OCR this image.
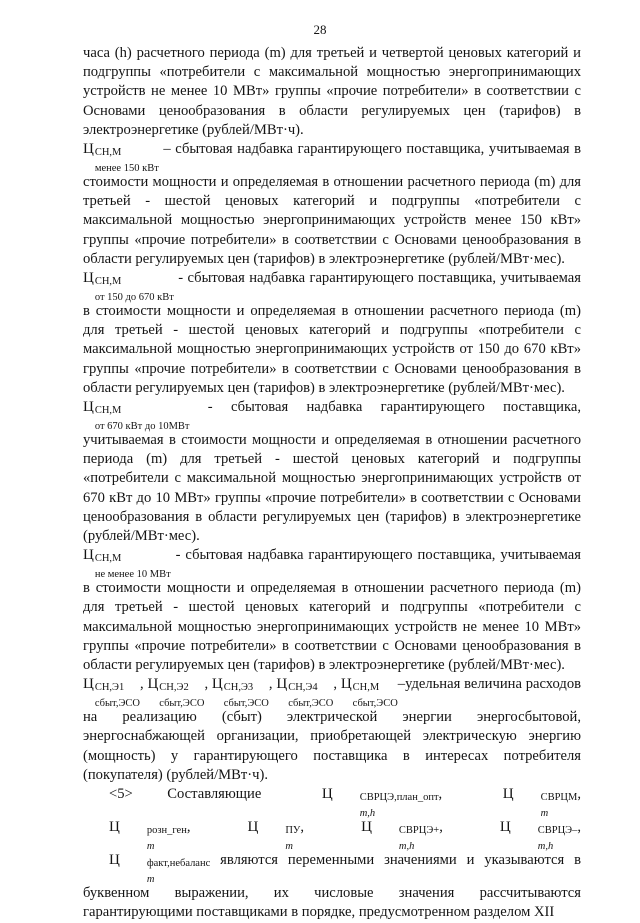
28

часа (h) расчетного периода (m) для третьей и четвертой ценовых категорий и подгруппы «потребители с максимальной мощностью энергопринимающих устройств не менее 10 МВт» группы «прочие потребители» в соответствии с Основами ценообразования в области регулируемых цен (тарифов) в электроэнергетике (рублей/МВт·ч).

Ц СН,М
менее 150 кВт
– сбытовая надбавка гарантирующего поставщика, учитываемая в стоимости мощности и определяемая в отношении расчетного периода (m) для третьей - шестой ценовых категорий и подгруппы «потребители с максимальной мощностью энергопринимающих устройств менее 150 кВт» группы «прочие потребители» в соответствии с Основами ценообразования в области регулируемых цен (тарифов) в электроэнергетике (рублей/МВт·мес).

Ц СН,М
от 150 до 670 кВт
- сбытовая надбавка гарантирующего поставщика, учитываемая в стоимости мощности и определяемая в отношении расчетного периода (m) для третьей - шестой ценовых категорий и подгруппы «потребители с максимальной мощностью энергопринимающих устройств от 150 до 670 кВт» группы «прочие потребители» в соответствии с Основами ценообразования в области регулируемых цен (тарифов) в электроэнергетике (рублей/МВт·мес).

Ц СН,М
от 670 кВт до 10МВт
- сбытовая надбавка гарантирующего поставщика, учитываемая в стоимости мощности и определяемая в отношении расчетного периода (m) для третьей - шестой ценовых категорий и подгруппы «потребители с максимальной мощностью энергопринимающих устройств от 670 кВт до 10 МВт» группы «прочие потребители» в соответствии с Основами ценообразования в области регулируемых цен (тарифов) в электроэнергетике (рублей/МВт·мес).

Ц СН,М
не менее 10 МВт
- сбытовая надбавка гарантирующего поставщика, учитываемая в стоимости мощности и определяемая в отношении расчетного периода (m) для третьей - шестой ценовых категорий и подгруппы «потребители с максимальной мощностью энергопринимающих устройств не менее 10 МВт» группы «прочие потребители» в соответствии с Основами ценообразования в области регулируемых цен (тарифов) в электроэнергетике (рублей/МВт·мес).

Ц СН,Э1
сбыт,ЭСО
, Ц СН,Э2
сбыт,ЭСО
, Ц СН,Э3
сбыт,ЭСО
, Ц СН,Э4
сбыт,ЭСО
, Ц СН,М
сбыт,ЭСО
–удельная величина расходов на реализацию (сбыт) электрической энергии энергосбытовой, энергоснабжающей организации, приобретающей электрическую энергию (мощность) у гарантирующего поставщика в интересах потребителя (покупателя) (рублей/МВт·ч).

<5> Составляющие Ц	СВРЦЭ,план_опт
m,h
, Ц	СВРЦМ
m
, Ц	розн_ген
m
, Ц	ПУ
m
, Ц	СВРЦЭ+
m,h
, Ц	СВРЦЭ–
m,h
, Ц	факт,небаланс
m
являются переменными значениями и указываются в буквенном выражении, их числовые значения рассчитываются гарантирующими поставщиками в порядке, предусмотренном разделом XII
